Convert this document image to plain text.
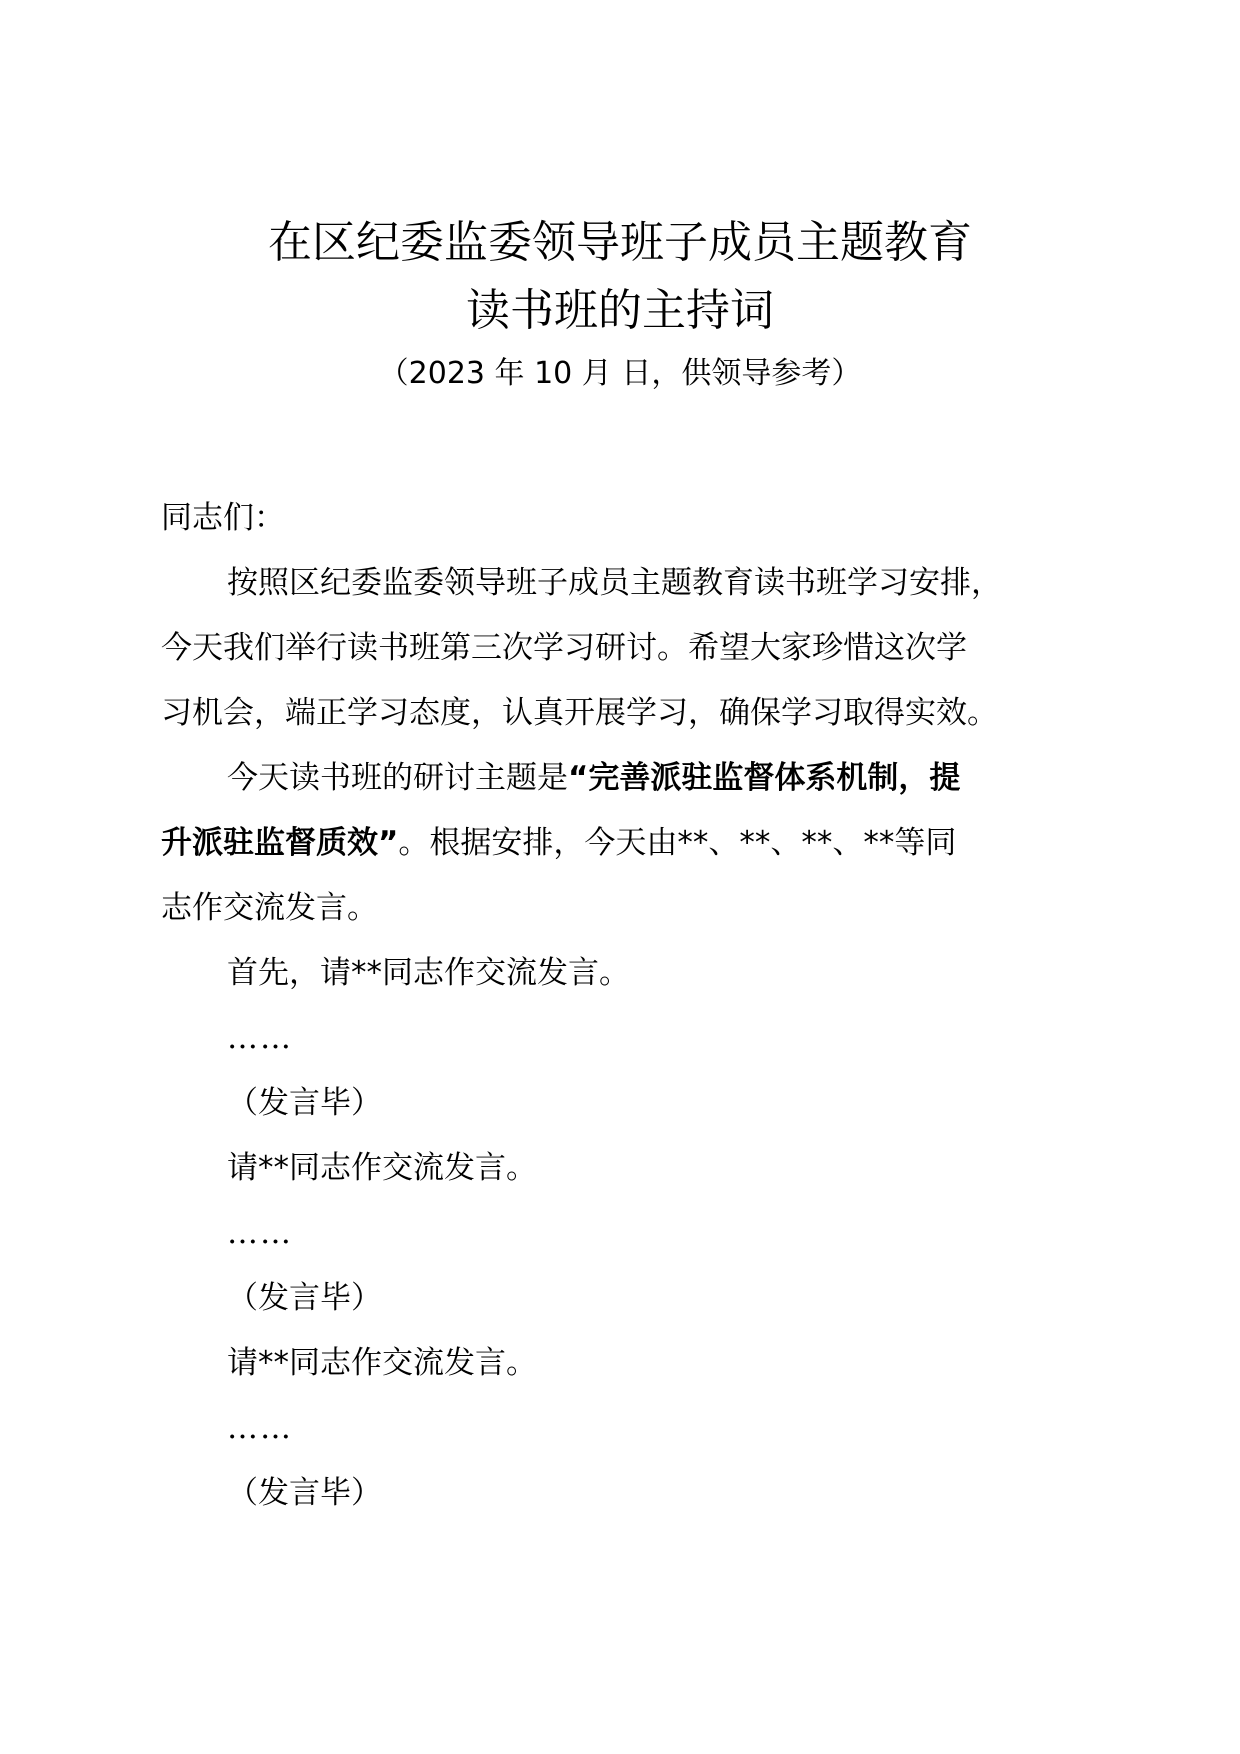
在区纪委监委领导班子成员主题教育
读书班的主持词
（2023 年 10 月 日，供领导参考）

同志们：

按照区纪委监委领导班子成员主题教育读书班学习安排，
今天我们举行读书班第三次学习研讨。希望大家珍惜这次学
习机会，端正学习态度，认真开展学习，确保学习取得实效。
今天读书班的研讨主题是“完善派驻监督体系机制，提
升派驻监督质效”。根据安排，今天由**、**、**、**等同
志作交流发言。

首先，请**同志作交流发言。

……

（发言毕）

请**同志作交流发言。

……

（发言毕）

请**同志作交流发言。

……

（发言毕）
